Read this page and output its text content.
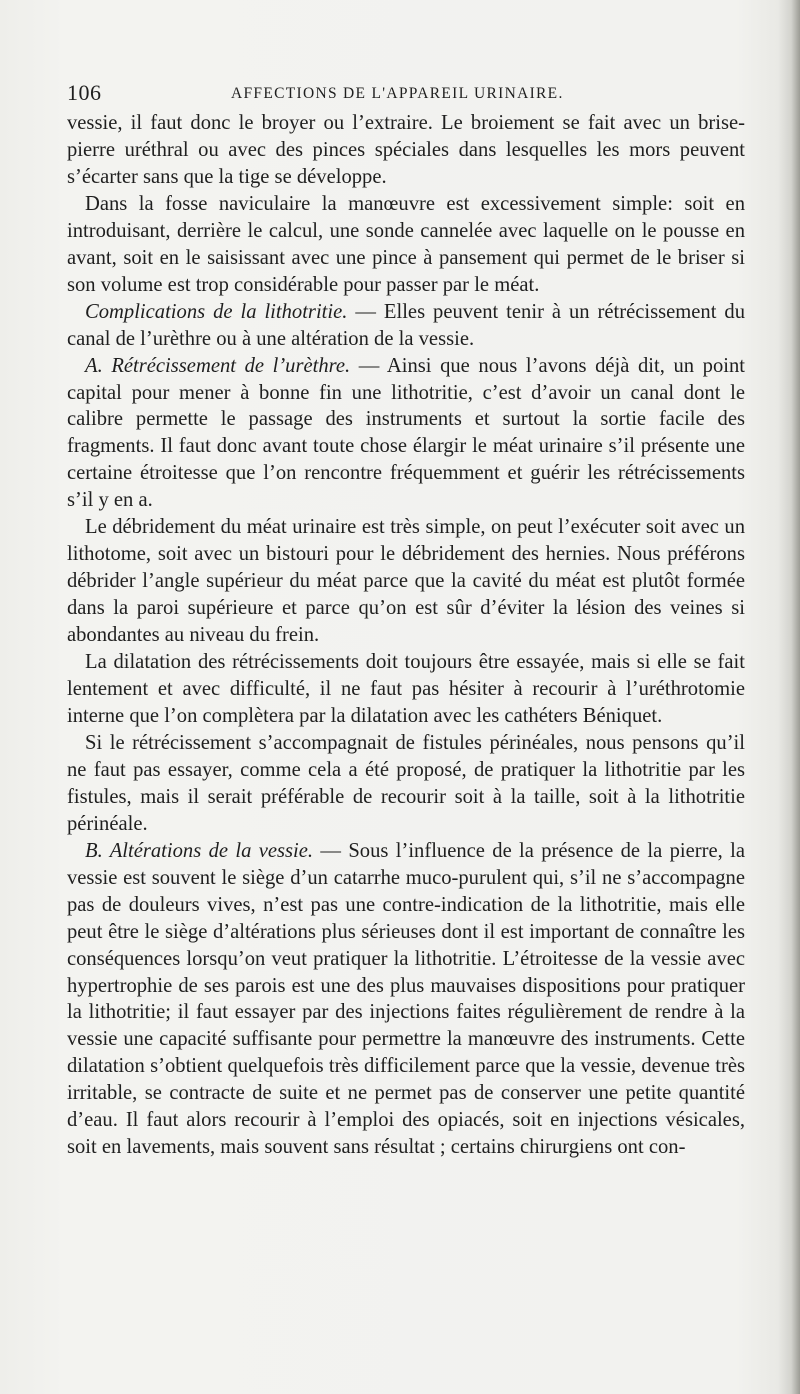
106	AFFECTIONS DE L'APPAREIL URINAIRE.

vessie, il faut donc le broyer ou l’extraire. Le broiement se fait avec un brise-pierre uréthral ou avec des pinces spéciales dans lesquelles les mors peuvent s’écarter sans que la tige se développe.

Dans la fosse naviculaire la manœuvre est excessivement simple: soit en introduisant, derrière le calcul, une sonde cannelée avec laquelle on le pousse en avant, soit en le saisissant avec une pince à pansement qui permet de le briser si son volume est trop considérable pour passer par le méat.

Complications de la lithotritie. — Elles peuvent tenir à un rétrécissement du canal de l’urèthre ou à une altération de la vessie.

A. Rétrécissement de l’urèthre. — Ainsi que nous l’avons déjà dit, un point capital pour mener à bonne fin une lithotritie, c’est d’avoir un canal dont le calibre permette le passage des instruments et surtout la sortie facile des fragments. Il faut donc avant toute chose élargir le méat urinaire s’il présente une certaine étroitesse que l’on rencontre fréquemment et guérir les rétrécissements s’il y en a.

Le débridement du méat urinaire est très simple, on peut l’exécuter soit avec un lithotome, soit avec un bistouri pour le débridement des hernies. Nous préférons débrider l’angle supérieur du méat parce que la cavité du méat est plutôt formée dans la paroi supérieure et parce qu’on est sûr d’éviter la lésion des veines si abondantes au niveau du frein.

La dilatation des rétrécissements doit toujours être essayée, mais si elle se fait lentement et avec difficulté, il ne faut pas hésiter à recourir à l’uréthrotomie interne que l’on complètera par la dilatation avec les cathéters Béniquet.

Si le rétrécissement s’accompagnait de fistules périnéales, nous pensons qu’il ne faut pas essayer, comme cela a été proposé, de pratiquer la lithotritie par les fistules, mais il serait préférable de recourir soit à la taille, soit à la lithotritie périnéale.

B. Altérations de la vessie. — Sous l’influence de la présence de la pierre, la vessie est souvent le siège d’un catarrhe muco-purulent qui, s’il ne s’accompagne pas de douleurs vives, n’est pas une contre-indication de la lithotritie, mais elle peut être le siège d’altérations plus sérieuses dont il est important de connaître les conséquences lorsqu’on veut pratiquer la lithotritie. L’étroitesse de la vessie avec hypertrophie de ses parois est une des plus mauvaises dispositions pour pratiquer la lithotritie; il faut essayer par des injections faites régulièrement de rendre à la vessie une capacité suffisante pour permettre la manœuvre des instruments. Cette dilatation s’obtient quelquefois très difficilement parce que la vessie, devenue très irritable, se contracte de suite et ne permet pas de conserver une petite quantité d’eau. Il faut alors recourir à l’emploi des opiacés, soit en injections vésicales, soit en lavements, mais souvent sans résultat ; certains chirurgiens ont con-
